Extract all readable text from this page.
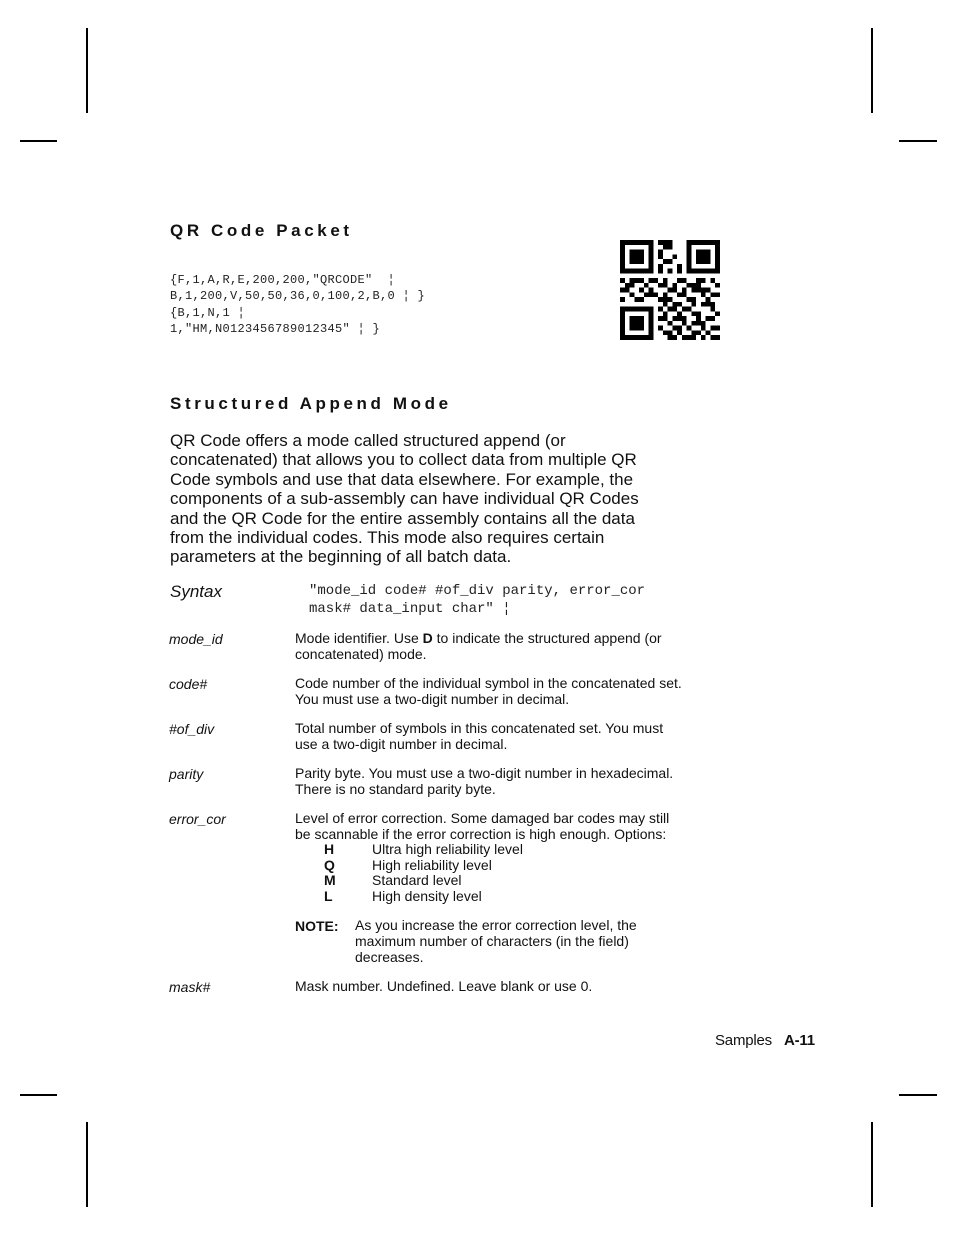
QR Code Packet
{F,1,A,R,E,200,200,"QRCODE"  ¦
B,1,200,V,50,50,36,0,100,2,B,0 ¦ }
{B,1,N,1 ¦
1,"HM,N0123456789012345" ¦ }
Structured Append Mode
QR Code offers a mode called structured append (or
concatenated) that allows you to collect data from multiple QR
Code symbols and use that data elsewhere. For example, the
components of a sub-assembly can have individual QR Codes
and the QR Code for the entire assembly contains all the data
from the individual codes. This mode also requires certain
parameters at the beginning of all batch data.
Syntax	"mode_id code# #of_div parity, error_cor
mask# data_input char" ¦
mode_id	Mode identifier. Use D to indicate the structured append (or
concatenated) mode.
code#	Code number of the individual symbol in the concatenated set.
You must use a two-digit number in decimal.
#of_div	Total number of symbols in this concatenated set. You must
use a two-digit number in decimal.
parity	Parity byte. You must use a two-digit number in hexadecimal.
There is no standard parity byte.
error_cor	Level of error correction. Some damaged bar codes may still
be scannable if the error correction is high enough. Options:
H	Ultra high reliability level
Q	High reliability level
M	Standard level
L	High density level
NOTE: As you increase the error correction level, the
maximum number of characters (in the field)
decreases.
mask#	Mask number. Undefined. Leave blank or use 0.
Samples A-11
